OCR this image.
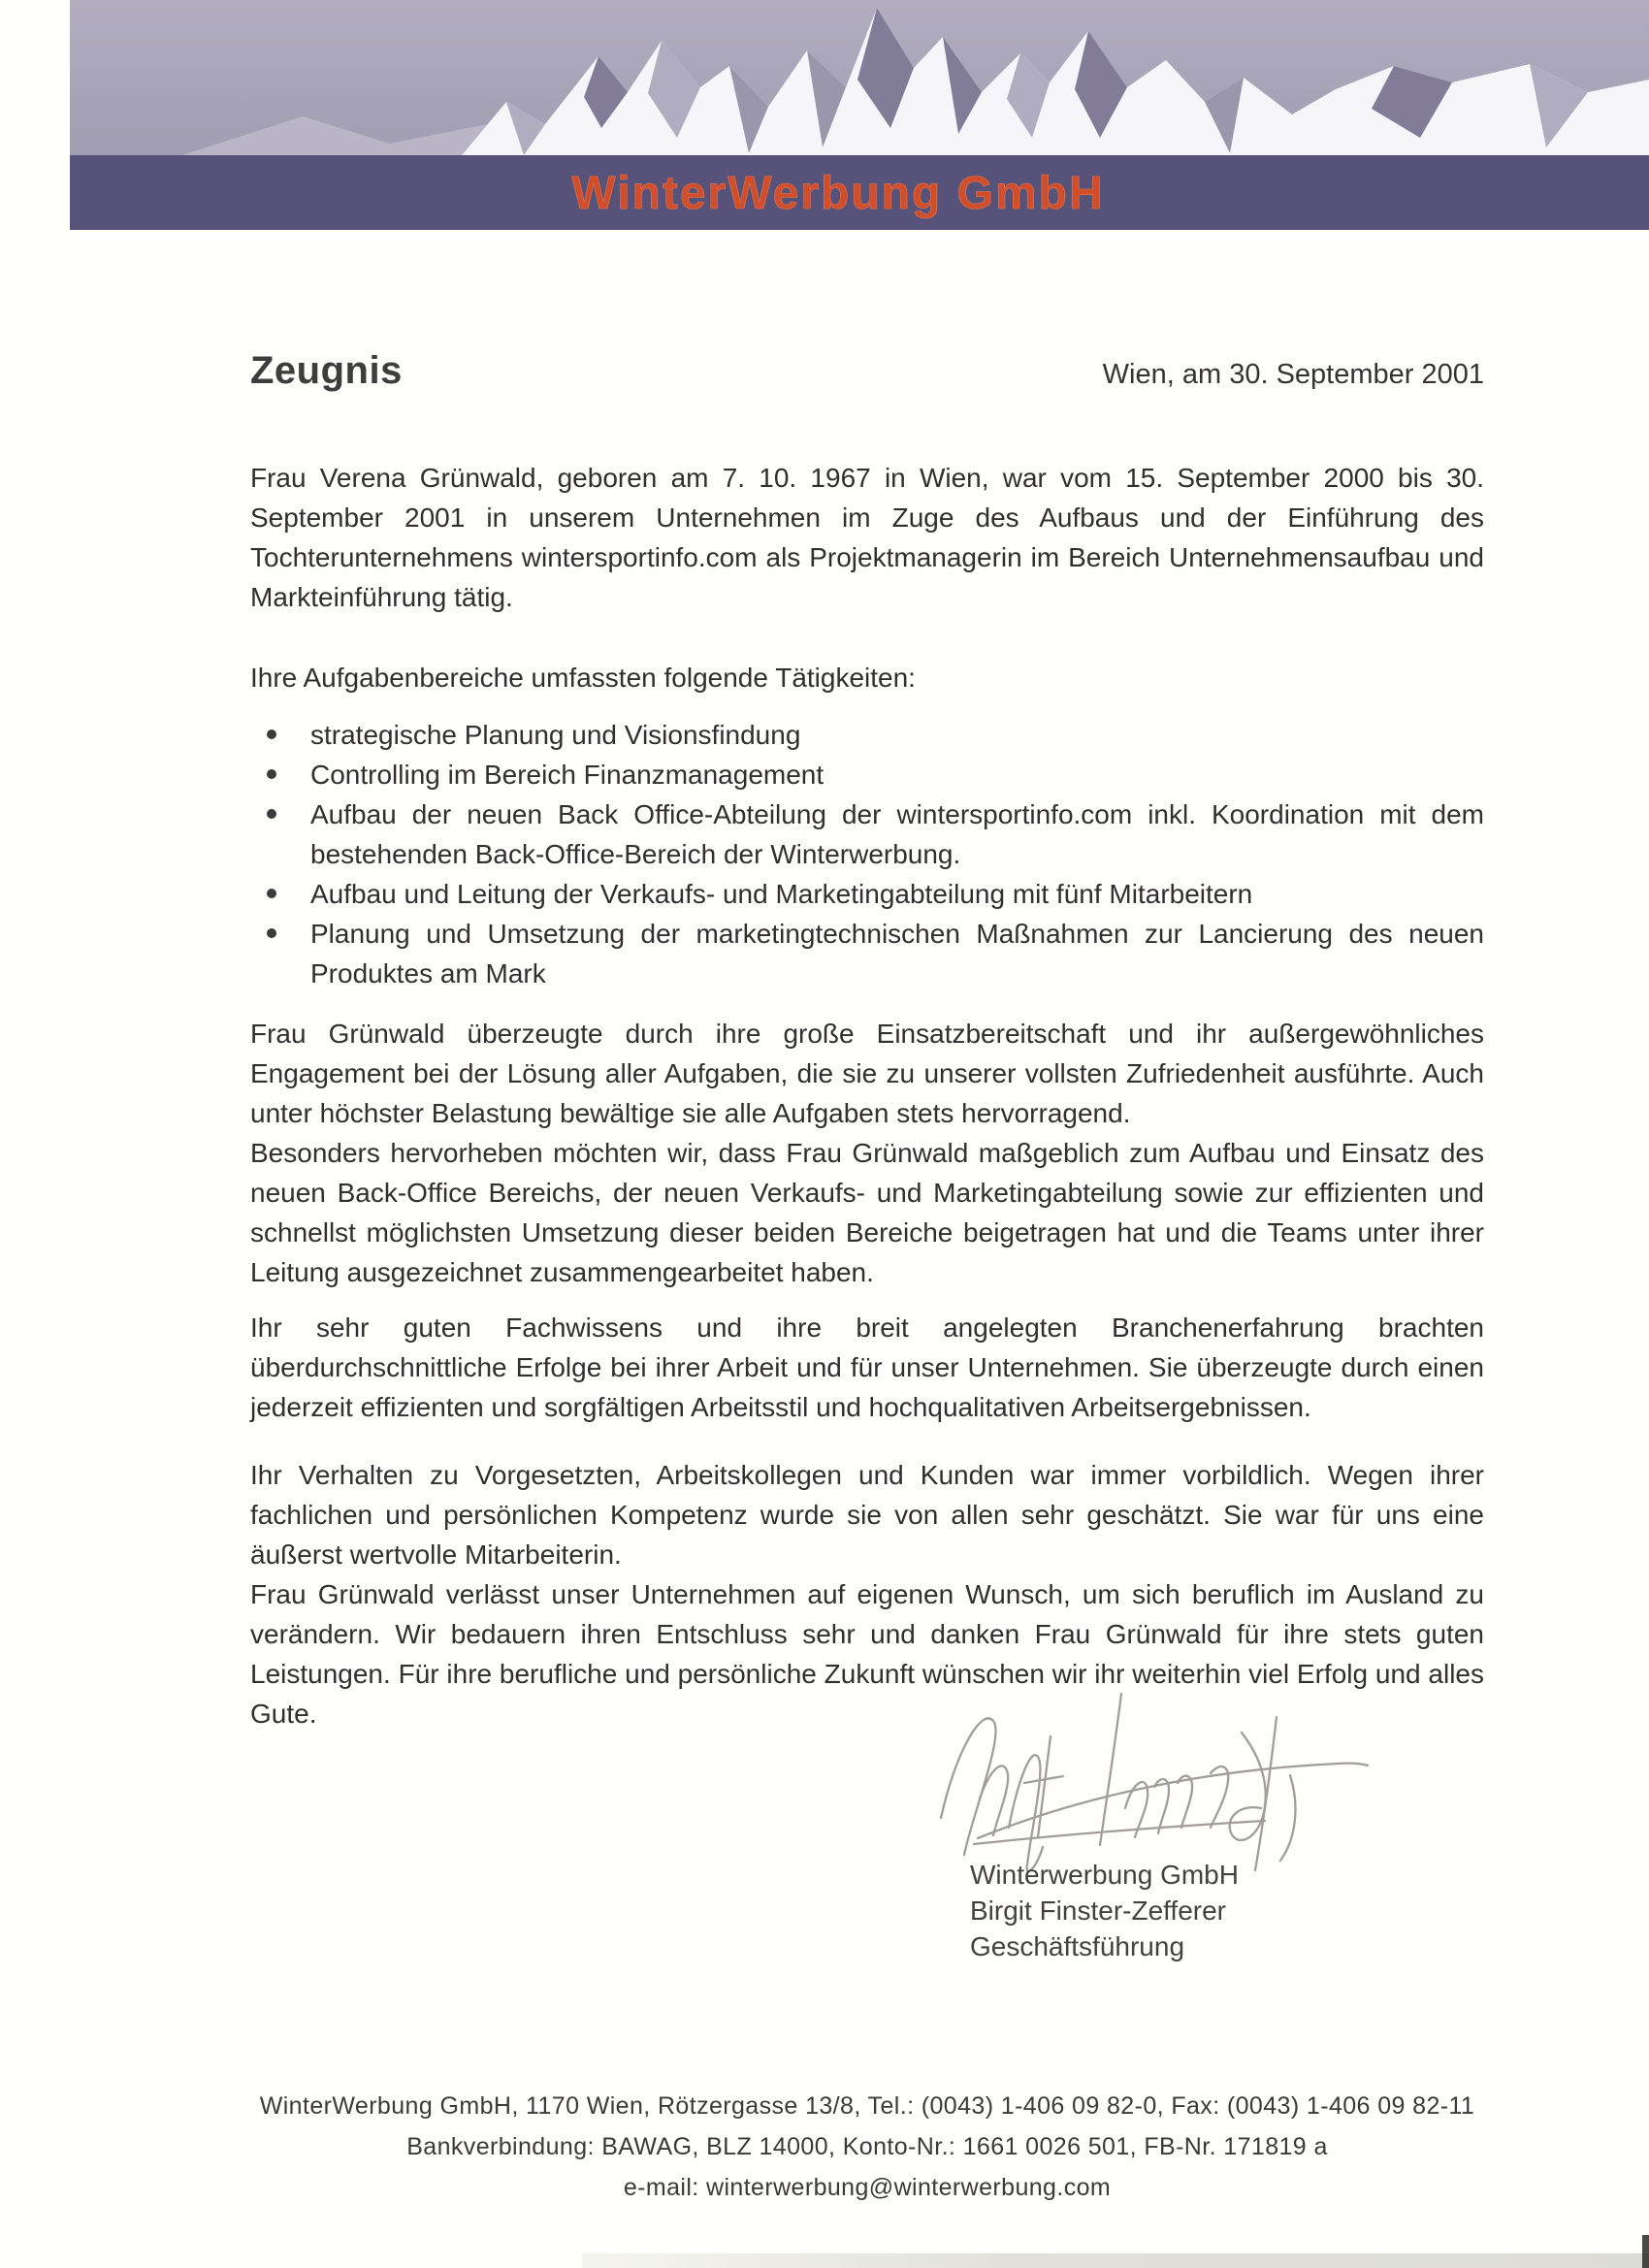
WinterWerbung GmbH
Zeugnis	Wien, am 30. September 2001

Frau Verena Grünwald, geboren am 7. 10. 1967 in Wien, war vom 15. September 2000 bis 30. September 2001 in unserem Unternehmen im Zuge des Aufbaus und der Einführung des Tochterunternehmens wintersportinfo.com als Projektmanagerin im Bereich Unternehmensaufbau und Markteinführung tätig.

Ihre Aufgabenbereiche umfassten folgende Tätigkeiten:

strategische Planung und Visionsfindung
Controlling im Bereich Finanzmanagement
Aufbau der neuen Back Office-Abteilung der wintersportinfo.com inkl. Koordination mit dem bestehenden Back-Office-Bereich der Winterwerbung.
Aufbau und Leitung der Verkaufs- und Marketingabteilung mit fünf Mitarbeitern
Planung und Umsetzung der marketingtechnischen Maßnahmen zur Lancierung des neuen Produktes am Mark

Frau Grünwald überzeugte durch ihre große Einsatzbereitschaft und ihr außergewöhnliches Engagement bei der Lösung aller Aufgaben, die sie zu unserer vollsten Zufriedenheit ausführte. Auch unter höchster Belastung bewältige sie alle Aufgaben stets hervorragend.

Besonders hervorheben möchten wir, dass Frau Grünwald maßgeblich zum Aufbau und Einsatz des neuen Back-Office Bereichs, der neuen Verkaufs- und Marketingabteilung sowie zur effizienten und schnellst möglichsten Umsetzung dieser beiden Bereiche beigetragen hat und die Teams unter ihrer Leitung ausgezeichnet zusammengearbeitet haben.

Ihr sehr guten Fachwissens und ihre breit angelegten Branchenerfahrung brachten überdurchschnittliche Erfolge bei ihrer Arbeit und für unser Unternehmen. Sie überzeugte durch einen jederzeit effizienten und sorgfältigen Arbeitsstil und hochqualitativen Arbeitsergebnissen.

Ihr Verhalten zu Vorgesetzten, Arbeitskollegen und Kunden war immer vorbildlich. Wegen ihrer fachlichen und persönlichen Kompetenz wurde sie von allen sehr geschätzt. Sie war für uns eine äußerst wertvolle Mitarbeiterin.

Frau Grünwald verlässt unser Unternehmen auf eigenen Wunsch, um sich beruflich im Ausland zu verändern. Wir bedauern ihren Entschluss sehr und danken Frau Grünwald für ihre stets guten Leistungen. Für ihre berufliche und persönliche Zukunft wünschen wir ihr weiterhin viel Erfolg und alles Gute.

Winterwerbung GmbH
Birgit Finster-Zefferer
Geschäftsführung
WinterWerbung GmbH, 1170 Wien, Rötzergasse 13/8, Tel.: (0043) 1-406 09 82-0, Fax: (0043) 1-406 09 82-11
Bankverbindung: BAWAG, BLZ 14000, Konto-Nr.: 1661 0026 501, FB-Nr. 171819 a
e-mail: winterwerbung@winterwerbung.com
